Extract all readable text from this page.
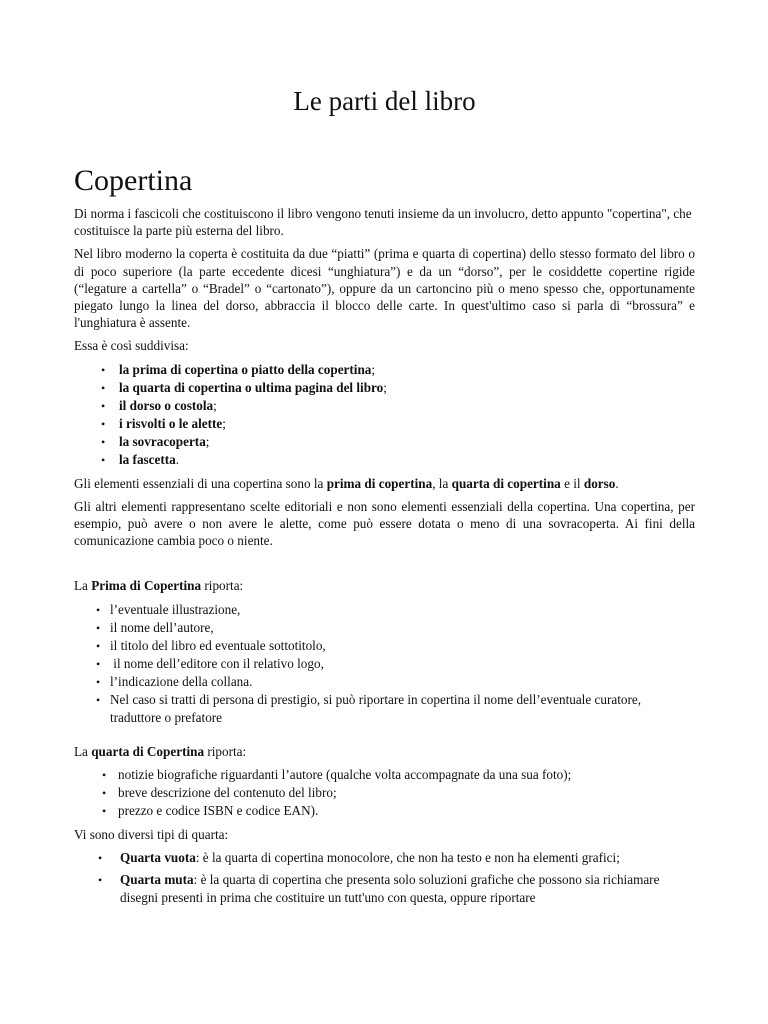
Le parti del libro
Copertina

Di norma i fascicoli che costituiscono il libro vengono tenuti insieme da un involucro, detto appunto "copertina", che costituisce la parte più esterna del libro.

Nel libro moderno la coperta è costituita da due “piatti” (prima e quarta di copertina) dello stesso formato del libro o di poco superiore (la parte eccedente dicesi “unghiatura”) e da un “dorso”, per le cosiddette copertine rigide (“legature a cartella” o “Bradel” o “cartonato”), oppure da un cartoncino più o meno spesso che, opportunamente piegato lungo la linea del dorso, abbraccia il blocco delle carte. In quest'ultimo caso si parla di “brossura” e l'unghiatura è assente.

Essa è così suddivisa:

• la prima di copertina o piatto della copertina;
• la quarta di copertina o ultima pagina del libro;
• il dorso o costola;
• i risvolti o le alette;
• la sovracoperta;
• la fascetta.

Gli elementi essenziali di una copertina sono la prima di copertina, la quarta di copertina e il dorso.

Gli altri elementi rappresentano scelte editoriali e non sono elementi essenziali della copertina. Una copertina, per esempio, può avere o non avere le alette, come può essere dotata o meno di una sovracoperta. Ai fini della comunicazione cambia poco o niente.

La Prima di Copertina riporta:

• l’eventuale illustrazione,
• il nome dell’autore,
• il titolo del libro ed eventuale sottotitolo,
• il nome dell’editore con il relativo logo,
• l’indicazione della collana.
• Nel caso si tratti di persona di prestigio, si può riportare in copertina il nome dell’eventuale curatore, traduttore o prefatore

La quarta di Copertina riporta:

• notizie biografiche riguardanti l’autore (qualche volta accompagnate da una sua foto);
• breve descrizione del contenuto del libro;
• prezzo e codice ISBN e codice EAN).

Vi sono diversi tipi di quarta:

• Quarta vuota: è la quarta di copertina monocolore, che non ha testo e non ha elementi grafici;
• Quarta muta: è la quarta di copertina che presenta solo soluzioni grafiche che possono sia richiamare disegni presenti in prima che costituire un tutt'uno con questa, oppure riportare
